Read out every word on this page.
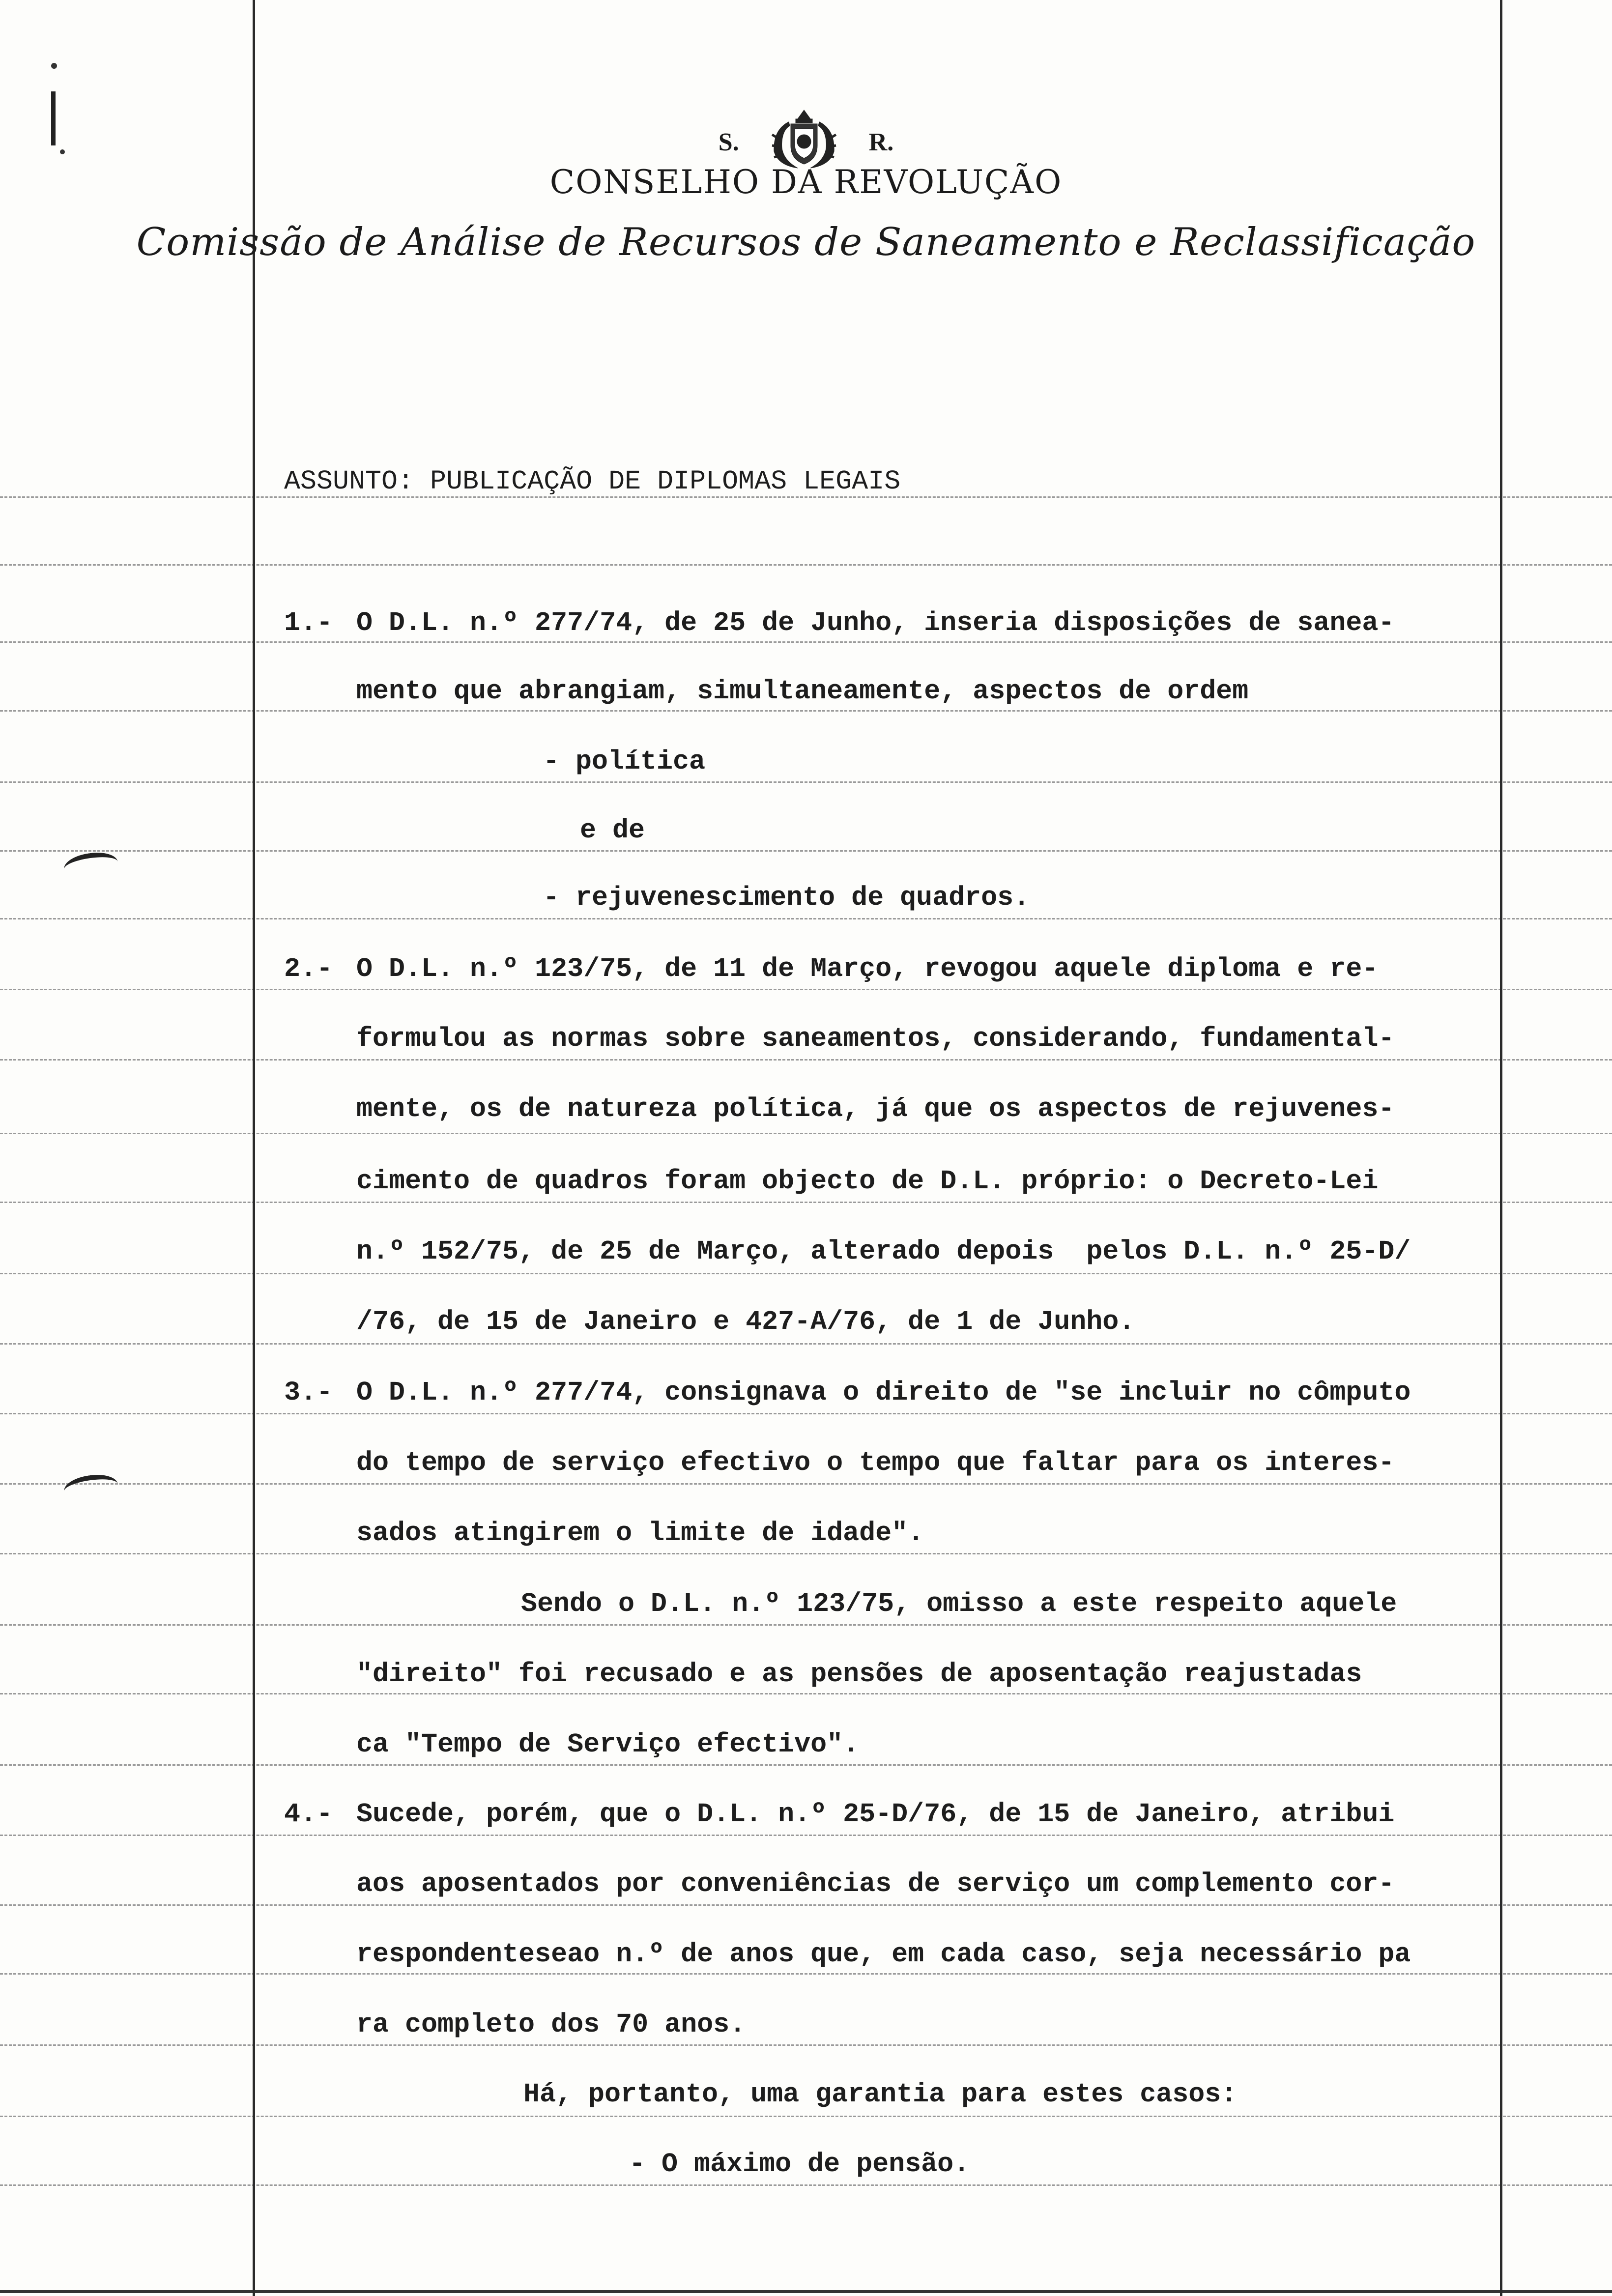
S.	R.
CONSELHO DA REVOLUÇÃO
Comissão de Análise de Recursos de Saneamento e Reclassificação
ASSUNTO: PUBLICAÇÃO DE DIPLOMAS LEGAIS
1.- O D.L. n.º 277/74, de 25 de Junho, inseria disposições de sanea-
mento que abrangiam, simultaneamente, aspectos de ordem
- política
e de
- rejuvenescimento de quadros.
2.- O D.L. n.º 123/75, de 11 de Março, revogou aquele diploma e re-
formulou as normas sobre saneamentos, considerando, fundamental-
mente, os de natureza política, já que os aspectos de rejuvenes-
cimento de quadros foram objecto de D.L. próprio: o Decreto-Lei
n.º 152/75, de 25 de Março, alterado depois  pelos D.L. n.º 25-D/
/76, de 15 de Janeiro e 427-A/76, de 1 de Junho.
3.- O D.L. n.º 277/74, consignava o direito de "se incluir no cômputo
do tempo de serviço efectivo o tempo que faltar para os interes-
sados atingirem o limite de idade".
Sendo o D.L. n.º 123/75, omisso a este respeito aquele
"direito" foi recusado e as pensões de aposentação reajustadas
ca "Tempo de Serviço efectivo".
4.- Sucede, porém, que o D.L. n.º 25-D/76, de 15 de Janeiro, atribui
aos aposentados por conveniências de serviço um complemento cor-
respondenteseao n.º de anos que, em cada caso, seja necessário pa
ra completo dos 70 anos.
Há, portanto, uma garantia para estes casos:
- O máximo de pensão.
